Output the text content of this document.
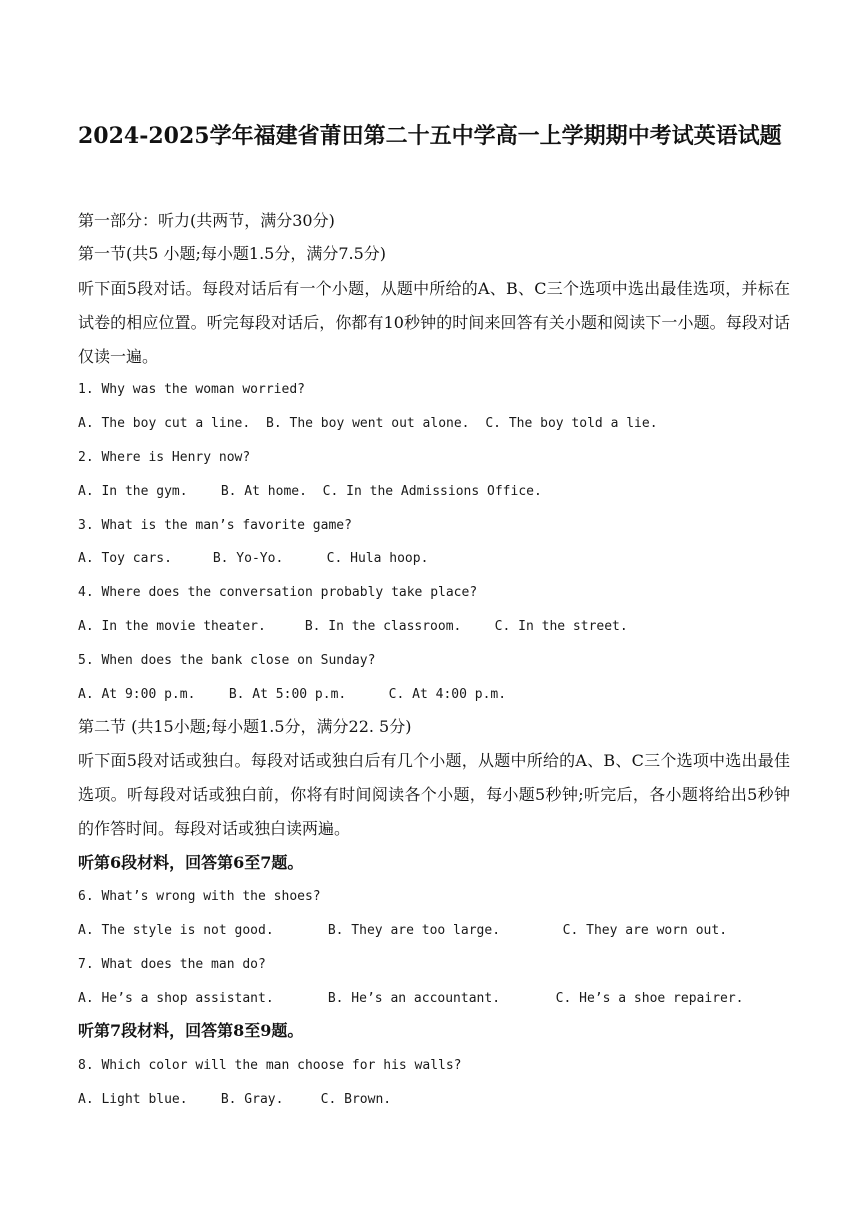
2024-2025学年福建省莆田第二十五中学高一上学期期中考试英语试题
第一部分：听力(共两节，满分30分)
第一节(共5 小题;每小题1.5分，满分7.5分)
听下面5段对话。每段对话后有一个小题，从题中所给的A、B、C三个选项中选出最佳选项，并标在试卷的相应位置。听完每段对话后，你都有10秒钟的时间来回答有关小题和阅读下一小题。每段对话仅读一遍。
1. Why was the woman worried?
A. The boy cut a line. B. The boy went out alone. C. The boy told a lie.
2. Where is Henry now?
A. In the gym.	B. At home. C. In the Admissions Office.
3. What is the man’s favorite game?
A. Toy cars.	B. Yo-Yo.	C. Hula hoop.
4. Where does the conversation probably take place?
A. In the movie theater.	B. In the classroom.	C. In the street.
5. When does the bank close on Sunday?
A. At 9:00 p.m.	B. At 5:00 p.m.	C. At 4:00 p.m.
第二节 (共15小题;每小题1.5分，满分22. 5分)
听下面5段对话或独白。每段对话或独白后有几个小题，从题中所给的A、B、C三个选项中选出最佳选项。听每段对话或独白前，你将有时间阅读各个小题，每小题5秒钟;听完后，各小题将给出5秒钟的作答时间。每段对话或独白读两遍。
听第6段材料，回答第6至7题。
6. What’s wrong with the shoes?
A. The style is not good.	B. They are too large.	C. They are worn out.
7. What does the man do?
A. He’s a shop assistant.	B. He’s an accountant.	C. He’s a shoe repairer.
听第7段材料，回答第8至9题。
8. Which color will the man choose for his walls?
A. Light blue.	B. Gray.	C. Brown.
